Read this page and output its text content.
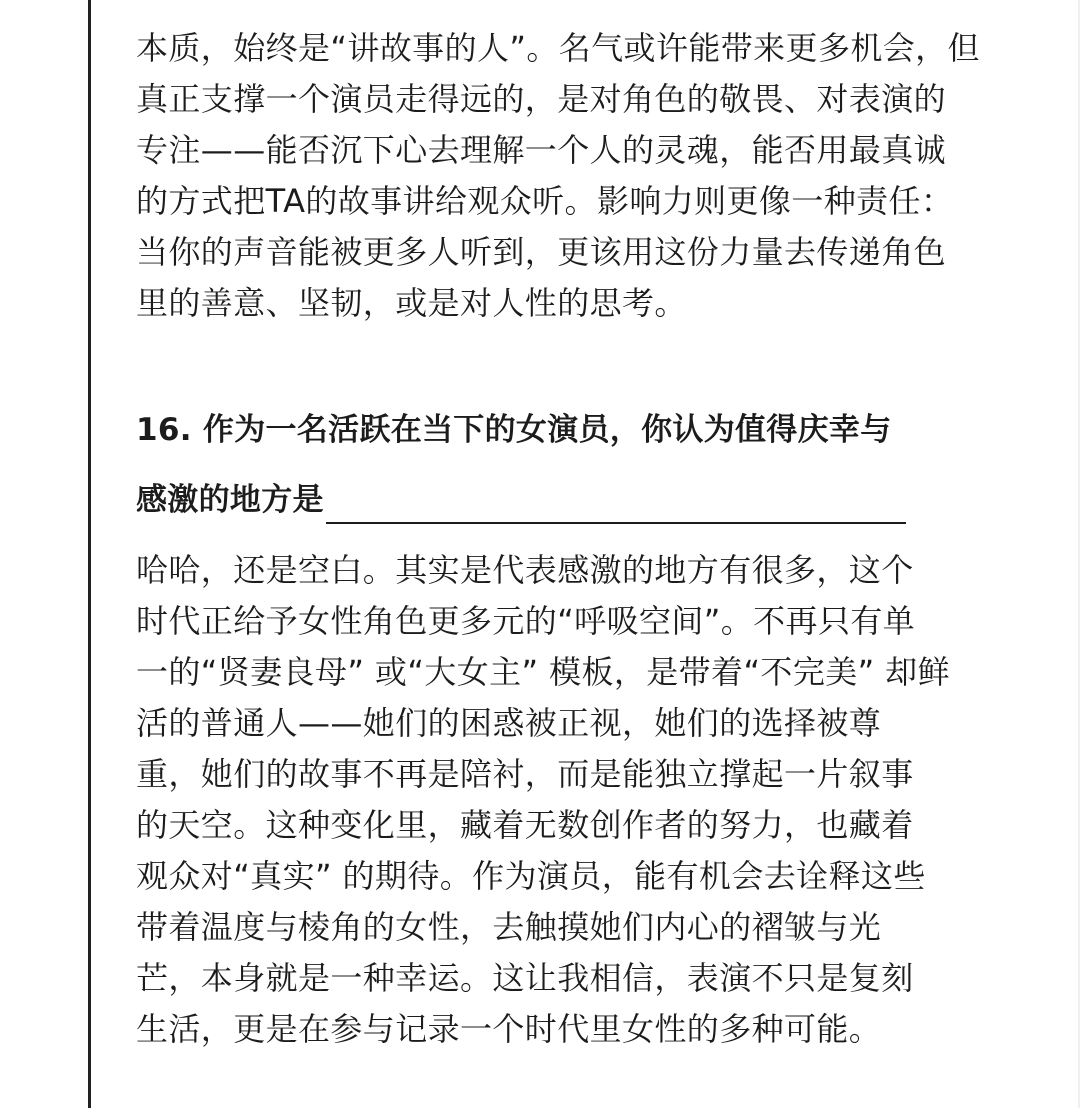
本质，始终是“讲故事的人”。名气或许能带来更多机会，但
真正支撑一个演员走得远的，是对角色的敬畏、对表演的
专注——能否沉下心去理解一个人的灵魂，能否用最真诚
的方式把TA的故事讲给观众听。影响力则更像一种责任：
当你的声音能被更多人听到，更该用这份力量去传递角色
里的善意、坚韧，或是对人性的思考。
16. 作为一名活跃在当下的女演员，你认为值得庆幸与
感激的地方是
哈哈，还是空白。其实是代表感激的地方有很多，这个
时代正给予女性角色更多元的“呼吸空间”。不再只有单
一的“贤妻良母” 或“大女主” 模板，是带着“不完美” 却鲜
活的普通人——她们的困惑被正视，她们的选择被尊
重，她们的故事不再是陪衬，而是能独立撑起一片叙事
的天空。这种变化里，藏着无数创作者的努力，也藏着
观众对“真实” 的期待。作为演员，能有机会去诠释这些
带着温度与棱角的女性，去触摸她们内心的褶皱与光
芒，本身就是一种幸运。这让我相信，表演不只是复刻
生活，更是在参与记录一个时代里女性的多种可能。
